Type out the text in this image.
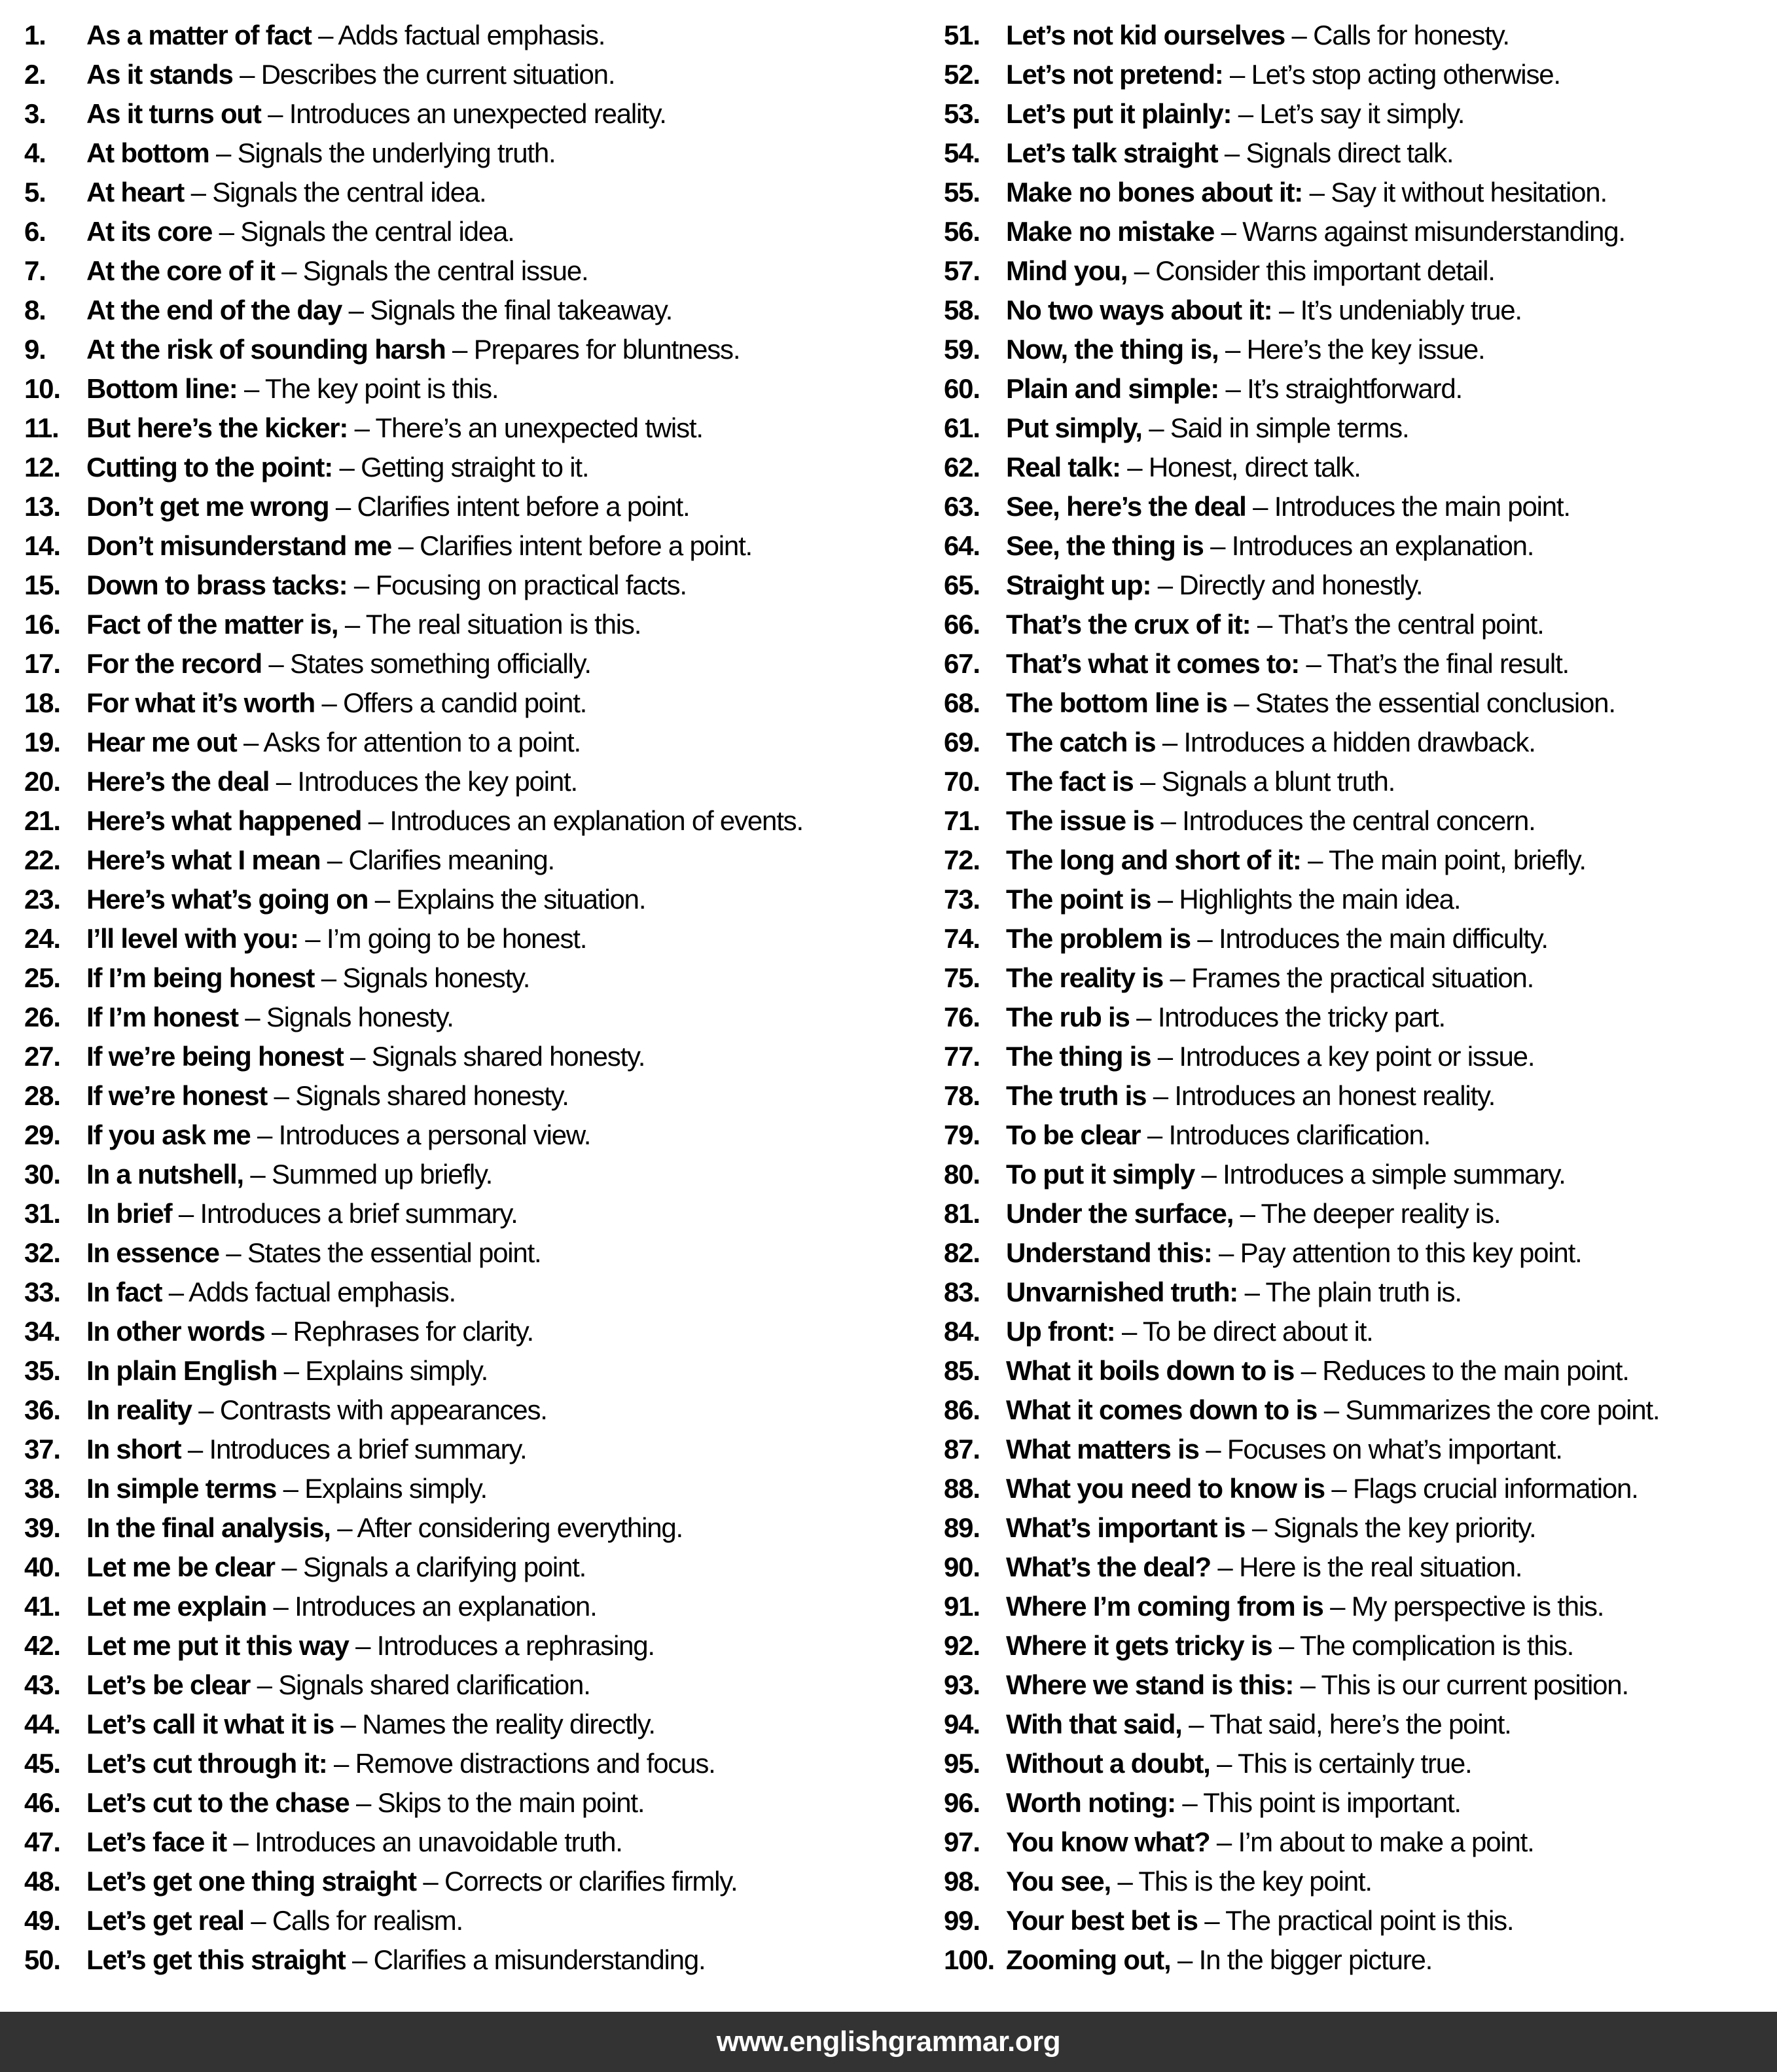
1.	As a matter of fact – Adds factual emphasis.
2.	As it stands – Describes the current situation.
3.	As it turns out – Introduces an unexpected reality.
4.	At bottom – Signals the underlying truth.
5.	At heart – Signals the central idea.
6.	At its core – Signals the central idea.
7.	At the core of it – Signals the central issue.
8.	At the end of the day – Signals the final takeaway.
9.	At the risk of sounding harsh – Prepares for bluntness.
10. Bottom line: – The key point is this.
11.	But here’s the kicker: – There’s an unexpected twist.
12. Cutting to the point: – Getting straight to it.
13. Don’t get me wrong – Clarifies intent before a point.
14. Don’t misunderstand me – Clarifies intent before a point.
15. Down to brass tacks: – Focusing on practical facts.
16. Fact of the matter is, – The real situation is this.
17. For the record – States something officially.
18. For what it’s worth – Offers a candid point.
19. Hear me out – Asks for attention to a point.
20. Here’s the deal – Introduces the key point.
21. Here’s what happened – Introduces an explanation of events.
22. Here’s what I mean – Clarifies meaning.
23. Here’s what’s going on – Explains the situation.
24. I’ll level with you: – I’m going to be honest.
25. If I’m being honest – Signals honesty.
26. If I’m honest – Signals honesty.
27. If we’re being honest – Signals shared honesty.
28. If we’re honest – Signals shared honesty.
29. If you ask me – Introduces a personal view.
30. In a nutshell, – Summed up briefly.
31. In brief – Introduces a brief summary.
32. In essence – States the essential point.
33. In fact – Adds factual emphasis.
34. In other words – Rephrases for clarity.
35. In plain English – Explains simply.
36. In reality – Contrasts with appearances.
37. In short – Introduces a brief summary.
38. In simple terms – Explains simply.
39. In the final analysis, – After considering everything.
40. Let me be clear – Signals a clarifying point.
41. Let me explain – Introduces an explanation.
42. Let me put it this way – Introduces a rephrasing.
43. Let’s be clear – Signals shared clarification.
44. Let’s call it what it is – Names the reality directly.
45. Let’s cut through it: – Remove distractions and focus.
46. Let’s cut to the chase – Skips to the main point.
47. Let’s face it – Introduces an unavoidable truth.
48. Let’s get one thing straight – Corrects or clarifies firmly.
49. Let’s get real – Calls for realism.
50. Let’s get this straight – Clarifies a misunderstanding.
51. Let’s not kid ourselves – Calls for honesty.
52. Let’s not pretend: – Let’s stop acting otherwise.
53. Let’s put it plainly: – Let’s say it simply.
54. Let’s talk straight – Signals direct talk.
55. Make no bones about it: – Say it without hesitation.
56. Make no mistake – Warns against misunderstanding.
57. Mind you, – Consider this important detail.
58. No two ways about it: – It’s undeniably true.
59. Now, the thing is, – Here’s the key issue.
60. Plain and simple: – It’s straightforward.
61. Put simply, – Said in simple terms.
62. Real talk: – Honest, direct talk.
63. See, here’s the deal – Introduces the main point.
64. See, the thing is – Introduces an explanation.
65. Straight up: – Directly and honestly.
66. That’s the crux of it: – That’s the central point.
67. That’s what it comes to: – That’s the final result.
68. The bottom line is – States the essential conclusion.
69. The catch is – Introduces a hidden drawback.
70. The fact is – Signals a blunt truth.
71. The issue is – Introduces the central concern.
72. The long and short of it: – The main point, briefly.
73. The point is – Highlights the main idea.
74. The problem is – Introduces the main difficulty.
75. The reality is – Frames the practical situation.
76. The rub is – Introduces the tricky part.
77. The thing is – Introduces a key point or issue.
78. The truth is – Introduces an honest reality.
79. To be clear – Introduces clarification.
80. To put it simply – Introduces a simple summary.
81. Under the surface, – The deeper reality is.
82. Understand this: – Pay attention to this key point.
83. Unvarnished truth: – The plain truth is.
84. Up front: – To be direct about it.
85. What it boils down to is – Reduces to the main point.
86. What it comes down to is – Summarizes the core point.
87. What matters is – Focuses on what’s important.
88. What you need to know is – Flags crucial information.
89. What’s important is – Signals the key priority.
90. What’s the deal? – Here is the real situation.
91. Where I’m coming from is – My perspective is this.
92. Where it gets tricky is – The complication is this.
93. Where we stand is this: – This is our current position.
94. With that said, – That said, here’s the point.
95. Without a doubt, – This is certainly true.
96. Worth noting: – This point is important.
97. You know what? – I’m about to make a point.
98. You see, – This is the key point.
99. Your best bet is – The practical point is this.
100. Zooming out, – In the bigger picture.
www.englishgrammar.org
